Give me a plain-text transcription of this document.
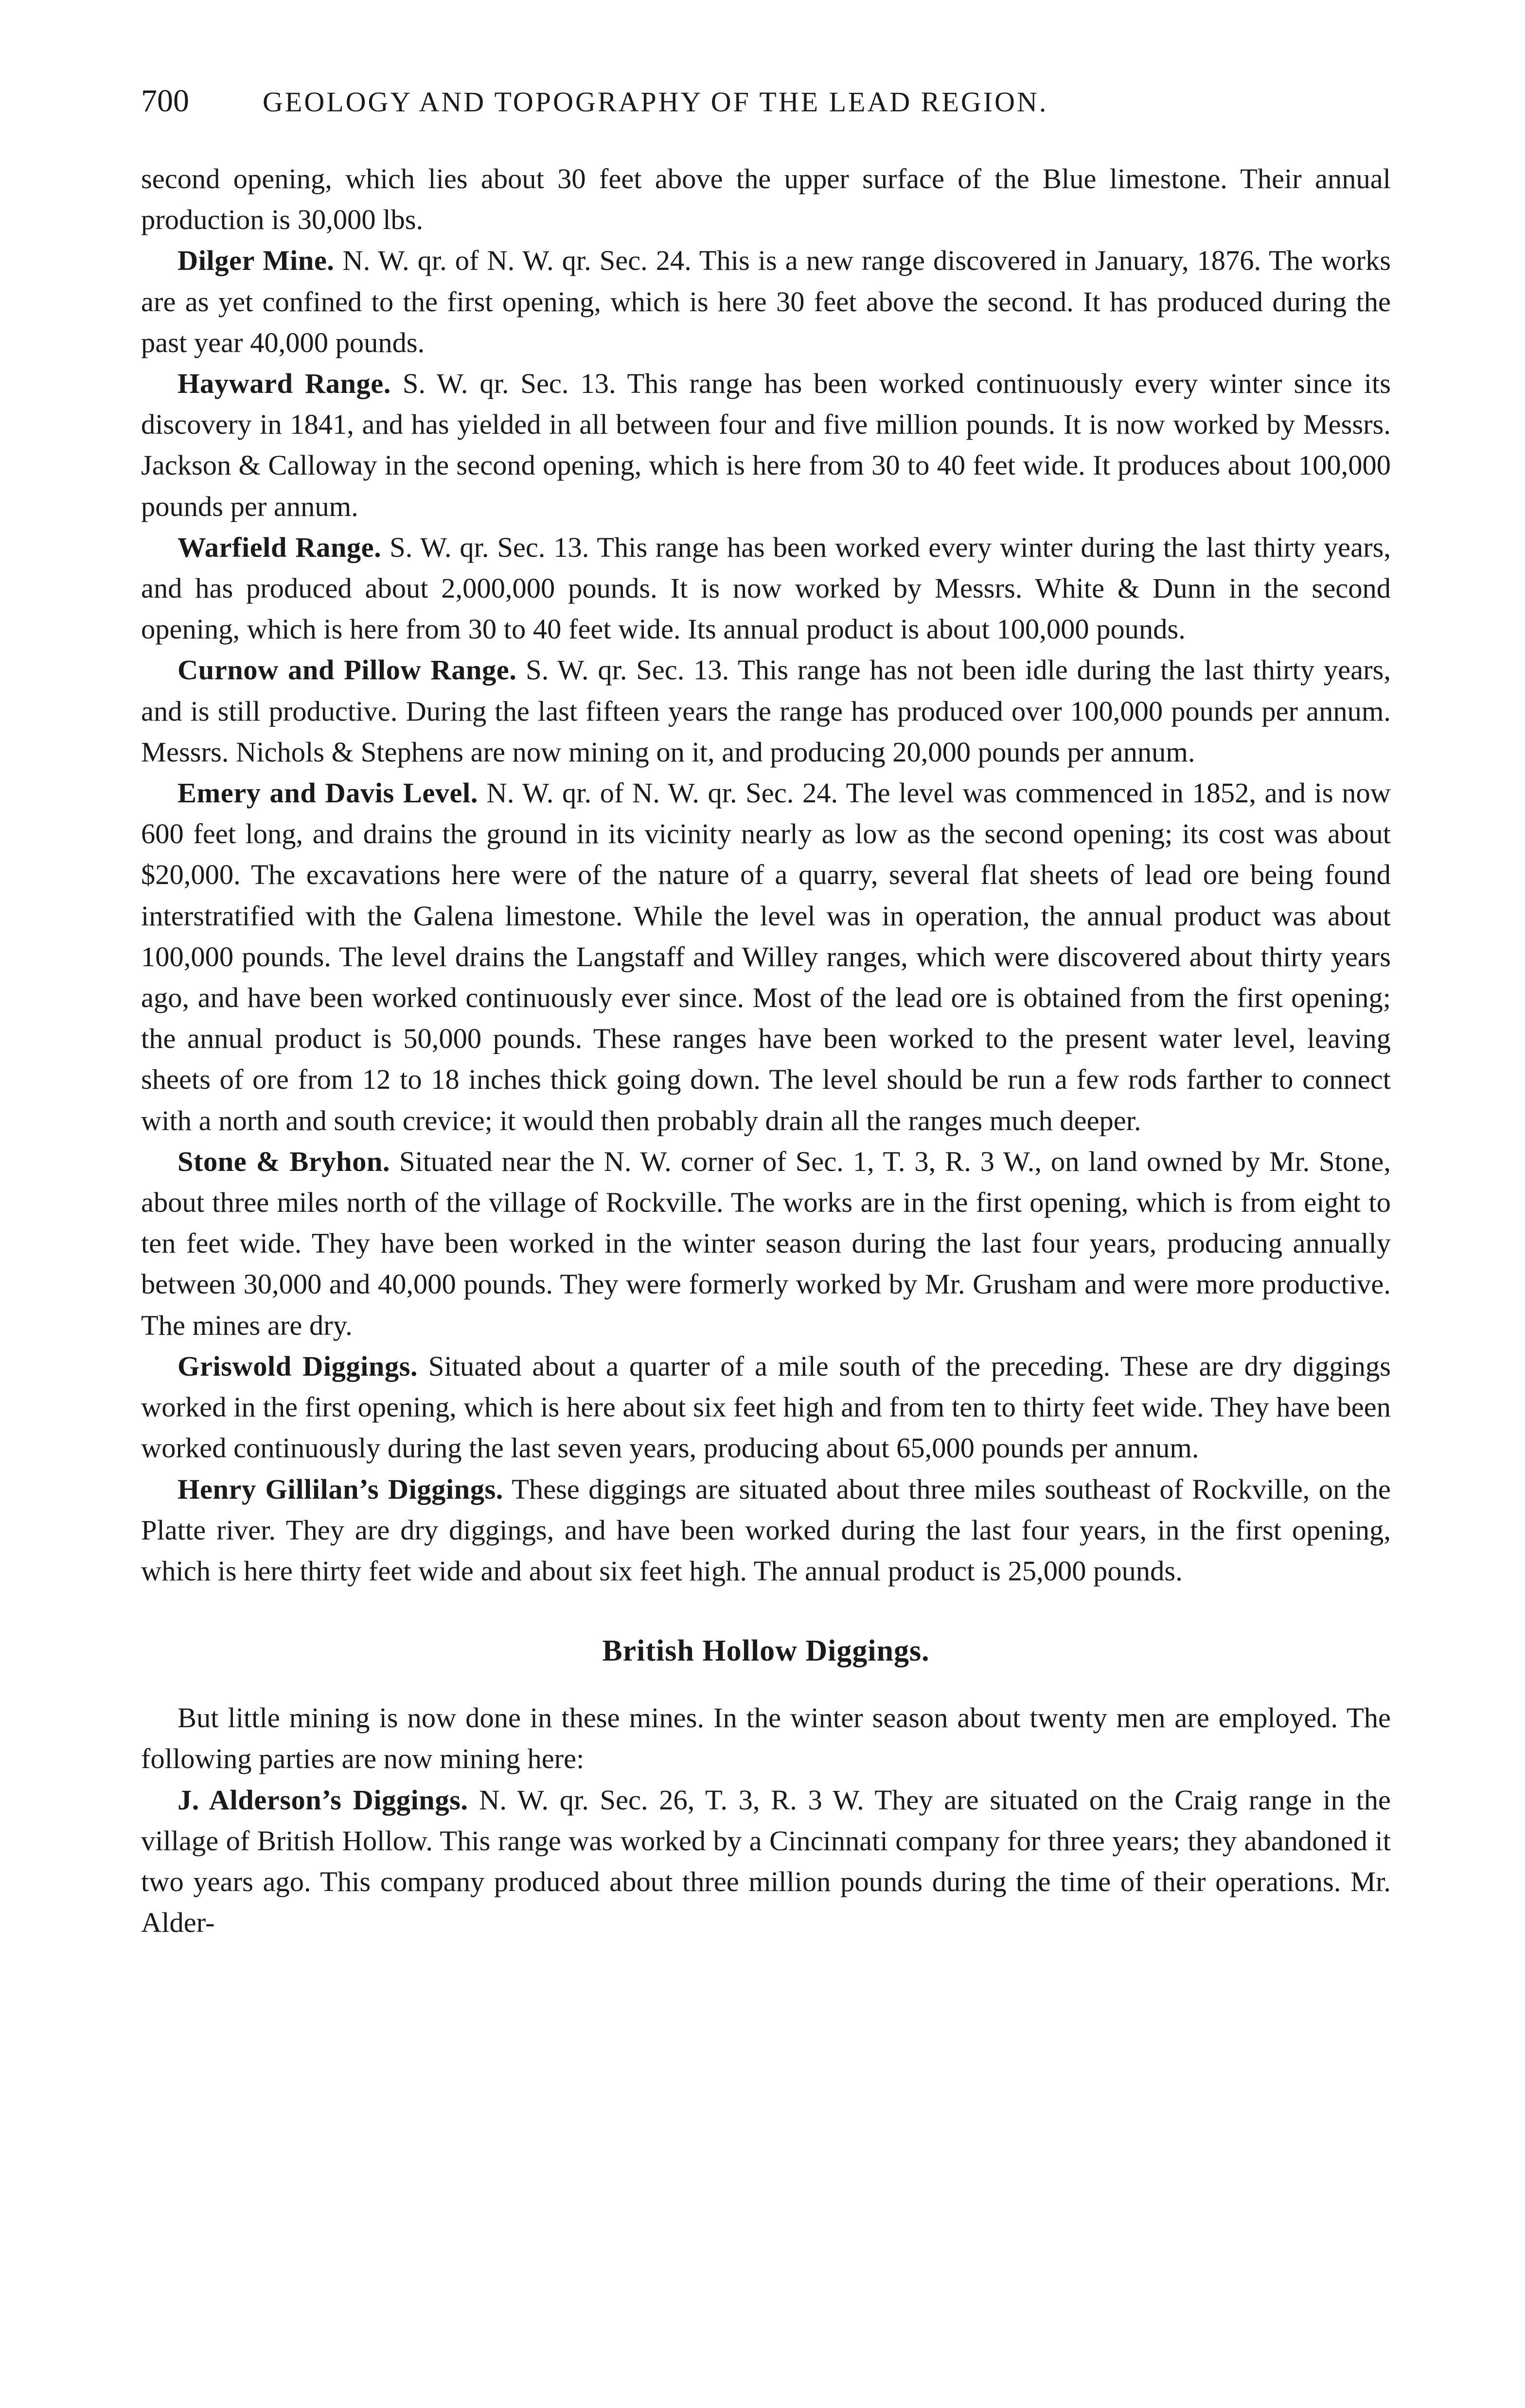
700	GEOLOGY AND TOPOGRAPHY OF THE LEAD REGION.

second opening, which lies about 30 feet above the upper surface of the Blue limestone. Their annual production is 30,000 lbs.

Dilger Mine. N. W. qr. of N. W. qr. Sec. 24. This is a new range discovered in January, 1876. The works are as yet confined to the first opening, which is here 30 feet above the second. It has produced during the past year 40,000 pounds.

Hayward Range. S. W. qr. Sec. 13. This range has been worked continuously every winter since its discovery in 1841, and has yielded in all between four and five million pounds. It is now worked by Messrs. Jackson & Calloway in the second opening, which is here from 30 to 40 feet wide. It produces about 100,000 pounds per annum.

Warfield Range. S. W. qr. Sec. 13. This range has been worked every winter during the last thirty years, and has produced about 2,000,000 pounds. It is now worked by Messrs. White & Dunn in the second opening, which is here from 30 to 40 feet wide. Its annual product is about 100,000 pounds.

Curnow and Pillow Range. S. W. qr. Sec. 13. This range has not been idle during the last thirty years, and is still productive. During the last fifteen years the range has produced over 100,000 pounds per annum. Messrs. Nichols & Stephens are now mining on it, and producing 20,000 pounds per annum.

Emery and Davis Level. N. W. qr. of N. W. qr. Sec. 24. The level was commenced in 1852, and is now 600 feet long, and drains the ground in its vicinity nearly as low as the second opening; its cost was about $20,000. The excavations here were of the nature of a quarry, several flat sheets of lead ore being found interstratified with the Galena limestone. While the level was in operation, the annual product was about 100,000 pounds. The level drains the Langstaff and Willey ranges, which were discovered about thirty years ago, and have been worked continuously ever since. Most of the lead ore is obtained from the first opening; the annual product is 50,000 pounds. These ranges have been worked to the present water level, leaving sheets of ore from 12 to 18 inches thick going down. The level should be run a few rods farther to connect with a north and south crevice; it would then probably drain all the ranges much deeper.

Stone & Bryhon. Situated near the N. W. corner of Sec. 1, T. 3, R. 3 W., on land owned by Mr. Stone, about three miles north of the village of Rockville. The works are in the first opening, which is from eight to ten feet wide. They have been worked in the winter season during the last four years, producing annually between 30,000 and 40,000 pounds. They were formerly worked by Mr. Grusham and were more productive. The mines are dry.

Griswold Diggings. Situated about a quarter of a mile south of the preceding. These are dry diggings worked in the first opening, which is here about six feet high and from ten to thirty feet wide. They have been worked continuously during the last seven years, producing about 65,000 pounds per annum.

Henry Gillilan’s Diggings. These diggings are situated about three miles southeast of Rockville, on the Platte river. They are dry diggings, and have been worked during the last four years, in the first opening, which is here thirty feet wide and about six feet high. The annual product is 25,000 pounds.

British Hollow Diggings.

But little mining is now done in these mines. In the winter season about twenty men are employed. The following parties are now mining here:

J. Alderson’s Diggings. N. W. qr. Sec. 26, T. 3, R. 3 W. They are situated on the Craig range in the village of British Hollow. This range was worked by a Cincinnati company for three years; they abandoned it two years ago. This company produced about three million pounds during the time of their operations. Mr. Alder-
